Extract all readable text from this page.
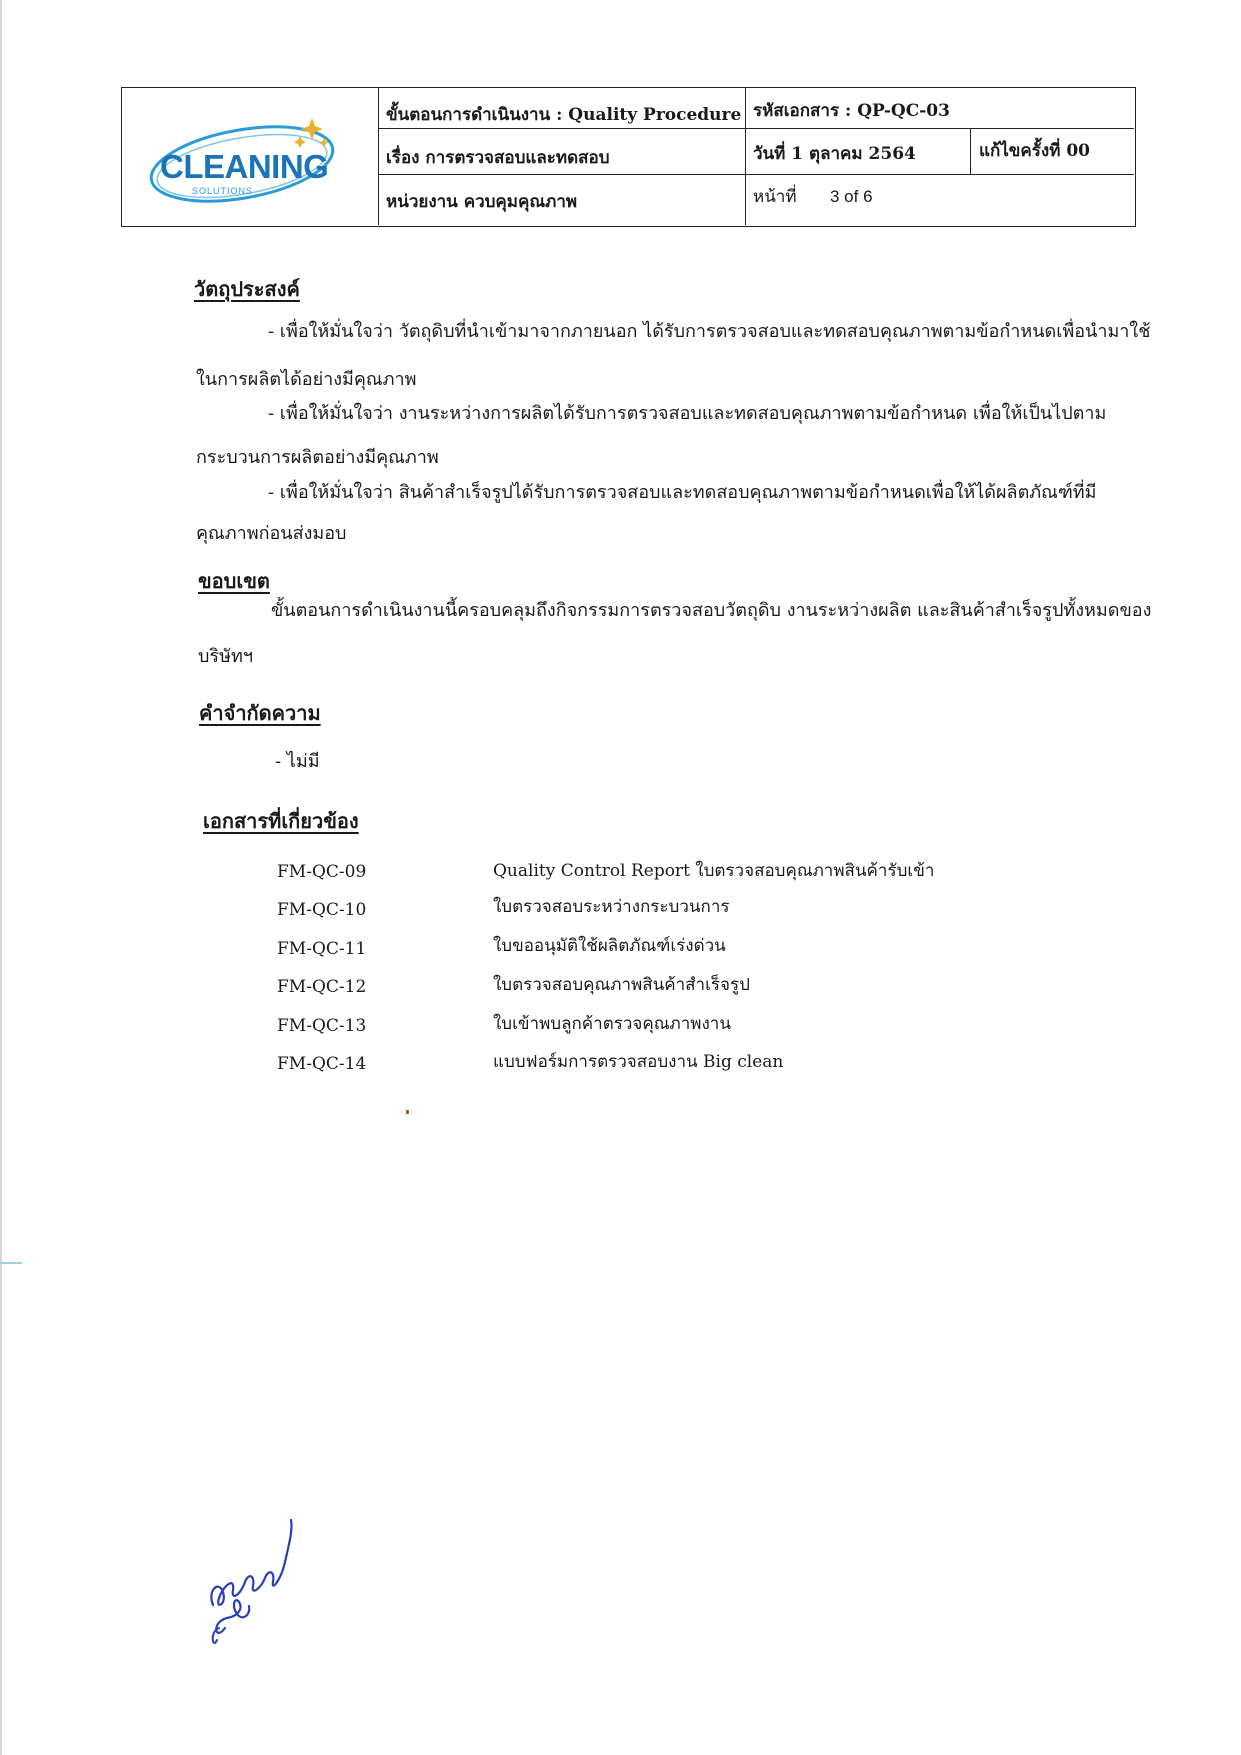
CLEANING
SOLUTIONS
ขั้นตอนการดำเนินงาน : Quality Procedure รหัสเอกสาร : QP-QC-03
เรื่อง การตรวจสอบและทดสอบ	วันที่ 1 ตุลาคม 2564	แก้ไขครั้งที่ 00
หน่วยงาน ควบคุมคุณภาพ	หน้าที่ 3 of 6
วัตถุประสงค์
- เพื่อให้มั่นใจว่า วัตถุดิบที่นำเข้ามาจากภายนอก ได้รับการตรวจสอบและทดสอบคุณภาพตามข้อกำหนดเพื่อนำมาใช้
ในการผลิตได้อย่างมีคุณภาพ
- เพื่อให้มั่นใจว่า งานระหว่างการผลิตได้รับการตรวจสอบและทดสอบคุณภาพตามข้อกำหนด เพื่อให้เป็นไปตาม
กระบวนการผลิตอย่างมีคุณภาพ
- เพื่อให้มั่นใจว่า สินค้าสำเร็จรูปได้รับการตรวจสอบและทดสอบคุณภาพตามข้อกำหนดเพื่อให้ได้ผลิตภัณฑ์ที่มี
คุณภาพก่อนส่งมอบ
ขอบเขต
ขั้นตอนการดำเนินงานนี้ครอบคลุมถึงกิจกรรมการตรวจสอบวัตถุดิบ งานระหว่างผลิต และสินค้าสำเร็จรูปทั้งหมดของ
บริษัทฯ
คำจำกัดความ
- ไม่มี
เอกสารที่เกี่ยวข้อง
FM-QC-09	Quality Control Report ใบตรวจสอบคุณภาพสินค้ารับเข้า
FM-QC-10	ใบตรวจสอบระหว่างกระบวนการ
FM-QC-11	ใบขออนุมัติใช้ผลิตภัณฑ์เร่งด่วน
FM-QC-12	ใบตรวจสอบคุณภาพสินค้าสำเร็จรูป
FM-QC-13	ใบเข้าพบลูกค้าตรวจคุณภาพงาน
FM-QC-14	แบบฟอร์มการตรวจสอบงาน Big clean
